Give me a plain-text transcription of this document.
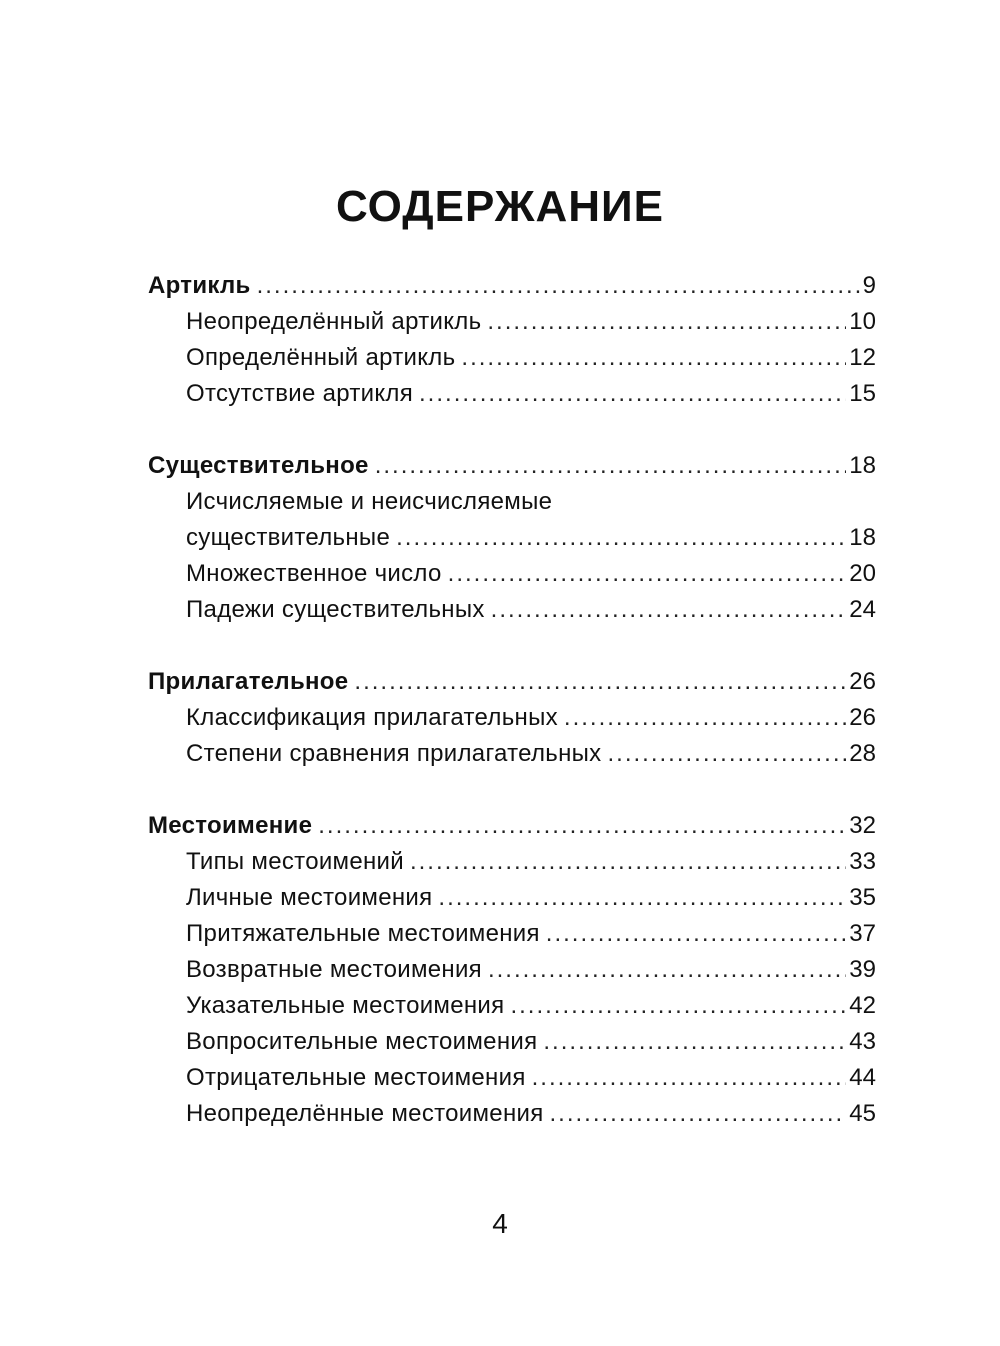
СОДЕРЖАНИЕ
Артикль .....	9
Неопределённый артикль .....	10
Определённый артикль .....	12
Отсутствие артикля .....	15
Существительное .....	18
Исчисляемые и неисчисляемые
существительные .....	18
Множественное число .....	20
Падежи существительных .....	24
Прилагательное .....	26
Классификация прилагательных .....	26
Степени сравнения прилагательных .....	28
Местоимение .....	32
Типы местоимений .....	33
Личные местоимения .....	35
Притяжательные местоимения .....	37
Возвратные местоимения .....	39
Указательные местоимения .....	42
Вопросительные местоимения .....	43
Отрицательные местоимения .....	44
Неопределённые местоимения .....	45
4
